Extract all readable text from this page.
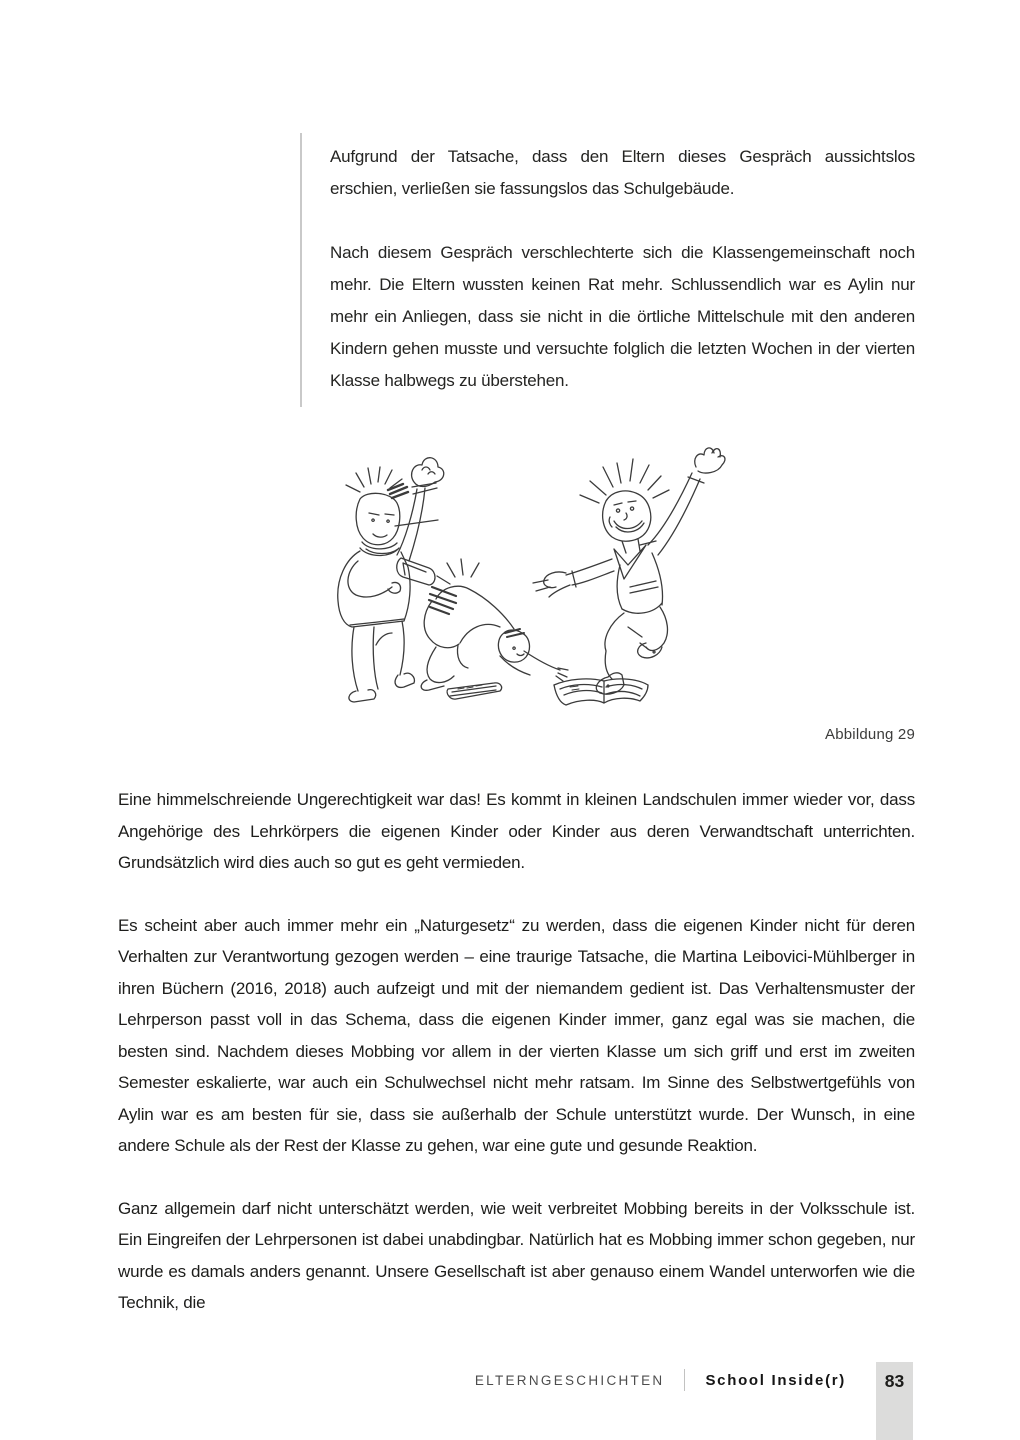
Aufgrund der Tatsache, dass den Eltern dieses Gespräch aussichtslos erschien, verließen sie fassungslos das Schulgebäude.

Nach diesem Gespräch verschlechterte sich die Klassengemeinschaft noch mehr. Die Eltern wussten keinen Rat mehr. Schlussendlich war es Aylin nur mehr ein Anliegen, dass sie nicht in die örtliche Mittelschule mit den anderen Kindern gehen musste und versuchte folglich die letzten Wochen in der vierten Klasse halbwegs zu überstehen.

Abbildung 29

Eine himmelschreiende Ungerechtigkeit war das! Es kommt in kleinen Landschulen immer wieder vor, dass Angehörige des Lehrkörpers die eigenen Kinder oder Kinder aus deren Verwandtschaft unterrichten. Grundsätzlich wird dies auch so gut es geht vermieden.

Es scheint aber auch immer mehr ein „Naturgesetz“ zu werden, dass die eigenen Kinder nicht für deren Verhalten zur Verantwortung gezogen werden – eine traurige Tatsache, die Martina Leibovici-Mühlberger in ihren Büchern (2016, 2018) auch aufzeigt und mit der niemandem gedient ist. Das Verhaltensmuster der Lehrperson passt voll in das Schema, dass die eigenen Kinder immer, ganz egal was sie machen, die besten sind. Nachdem dieses Mobbing vor allem in der vierten Klasse um sich griff und erst im zweiten Semester eskalierte, war auch ein Schulwechsel nicht mehr ratsam. Im Sinne des Selbstwertgefühls von Aylin war es am besten für sie, dass sie außerhalb der Schule unterstützt wurde. Der Wunsch, in eine andere Schule als der Rest der Klasse zu gehen, war eine gute und gesunde Reaktion.

Ganz allgemein darf nicht unterschätzt werden, wie weit verbreitet Mobbing bereits in der Volksschule ist. Ein Eingreifen der Lehrpersonen ist dabei unabdingbar. Natürlich hat es Mobbing immer schon gegeben, nur wurde es damals anders genannt. Unsere Gesellschaft ist aber genauso einem Wandel unterworfen wie die Technik, die

ELTERNGESCHICHTEN	School Inside(r)	83
